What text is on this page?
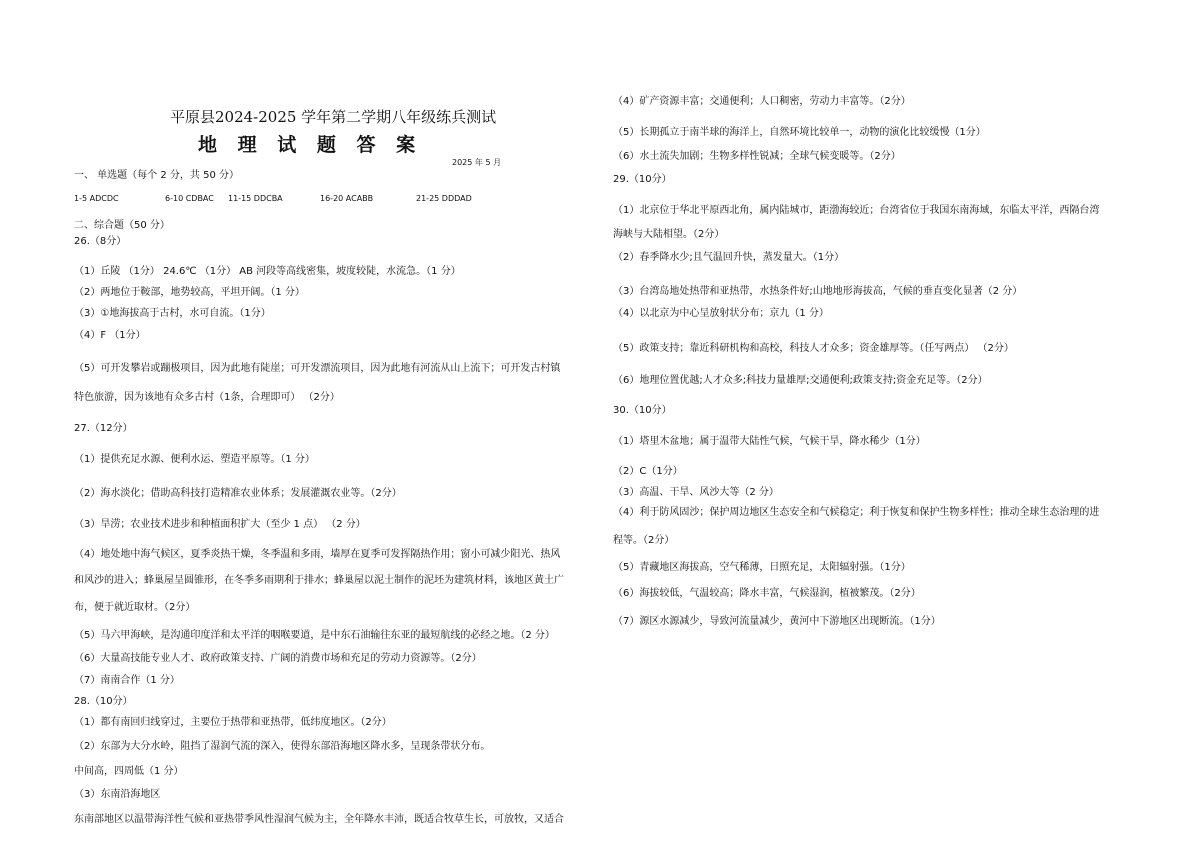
平原县2024-2025 学年第二学期八年级练兵测试
地 理 试 题 答 案
2025 年 5 月
一、 单选题（每个 2 分，共 50 分）
1-5 ADCDC	6-10 CDBAC 11-15 DDCBA	16-20 ACABB	21-25 DDDAD
二、综合题（50 分）
26.（8分）
（1）丘陵 （1分） 24.6℃ （1分） AB 河段等高线密集，坡度较陡，水流急。（1 分）
（2）两地位于鞍部，地势较高，平坦开阔。（1 分）
（3）①地海拔高于古村，水可自流。（1分）
（4）F （1分）
（5）可开发攀岩或蹦极项目，因为此地有陡崖；可开发漂流项目，因为此地有河流从山上流下；可开发古村镇
特色旅游，因为该地有众多古村（1条，合理即可） （2分）
27.（12分）
（1）提供充足水源、便利水运、塑造平原等。（1 分）
（2）海水淡化；借助高科技打造精准农业体系；发展灌溉农业等。（2分）
（3）旱涝；农业技术进步和种植面积扩大（至少 1 点） （2 分）
（4）地处地中海气候区，夏季炎热干燥，冬季温和多雨，墙厚在夏季可发挥隔热作用；窗小可减少阳光、热风
和风沙的进入；蜂巢屋呈圆锥形，在冬季多雨期利于排水；蜂巢屋以泥土制作的泥坯为建筑材料，该地区黄土广
布，便于就近取材。（2分）
（5）马六甲海峡，是沟通印度洋和太平洋的咽喉要道，是中东石油输往东亚的最短航线的必经之地。（2 分）
（6）大量高技能专业人才、政府政策支持、广阔的消费市场和充足的劳动力资源等。（2分）
（7）南南合作（1 分）
28.（10分）
（1）都有南回归线穿过，主要位于热带和亚热带，低纬度地区。（2分）
（2）东部为大分水岭，阻挡了湿润气流的深入，使得东部沿海地区降水多，呈现条带状分布。
中间高，四周低（1 分）
（3）东南沿海地区
东南部地区以温带海洋性气候和亚热带季风性湿润气候为主，全年降水丰沛，既适合牧草生长，可放牧，又适合
（4）矿产资源丰富；交通便利；人口稠密，劳动力丰富等。（2分）
（5）长期孤立于南半球的海洋上，自然环境比较单一，动物的演化比较缓慢（1分）
（6）水土流失加剧；生物多样性锐减；全球气候变暖等。（2分）
29.（10分）
（1）北京位于华北平原西北角，属内陆城市，距渤海较近；台湾省位于我国东南海域，东临太平洋，西隔台湾
海峡与大陆相望。（2分）
（2）春季降水少;且气温回升快，蒸发量大。（1分）
（3）台湾岛地处热带和亚热带，水热条件好;山地地形海拔高，气候的垂直变化显著（2 分）
（4）以北京为中心呈放射状分布；京九（1 分）
（5）政策支持；靠近科研机构和高校，科技人才众多；资金雄厚等。（任写两点） （2分）
（6）地理位置优越;人才众多;科技力量雄厚;交通便利;政策支持;资金充足等。（2分）
30.（10分）
（1）塔里木盆地；属于温带大陆性气候，气候干旱，降水稀少（1分）
（2）C（1分）
（3）高温、干旱、风沙大等（2 分）
（4）利于防风固沙；保护周边地区生态安全和气候稳定；利于恢复和保护生物多样性；推动全球生态治理的进
程等。（2分）
（5）青藏地区海拔高，空气稀薄，日照充足，太阳辐射强。（1分）
（6）海拔较低，气温较高；降水丰富，气候湿润，植被繁茂。（2分）
（7）源区水源减少，导致河流量减少，黄河中下游地区出现断流。（1分）
